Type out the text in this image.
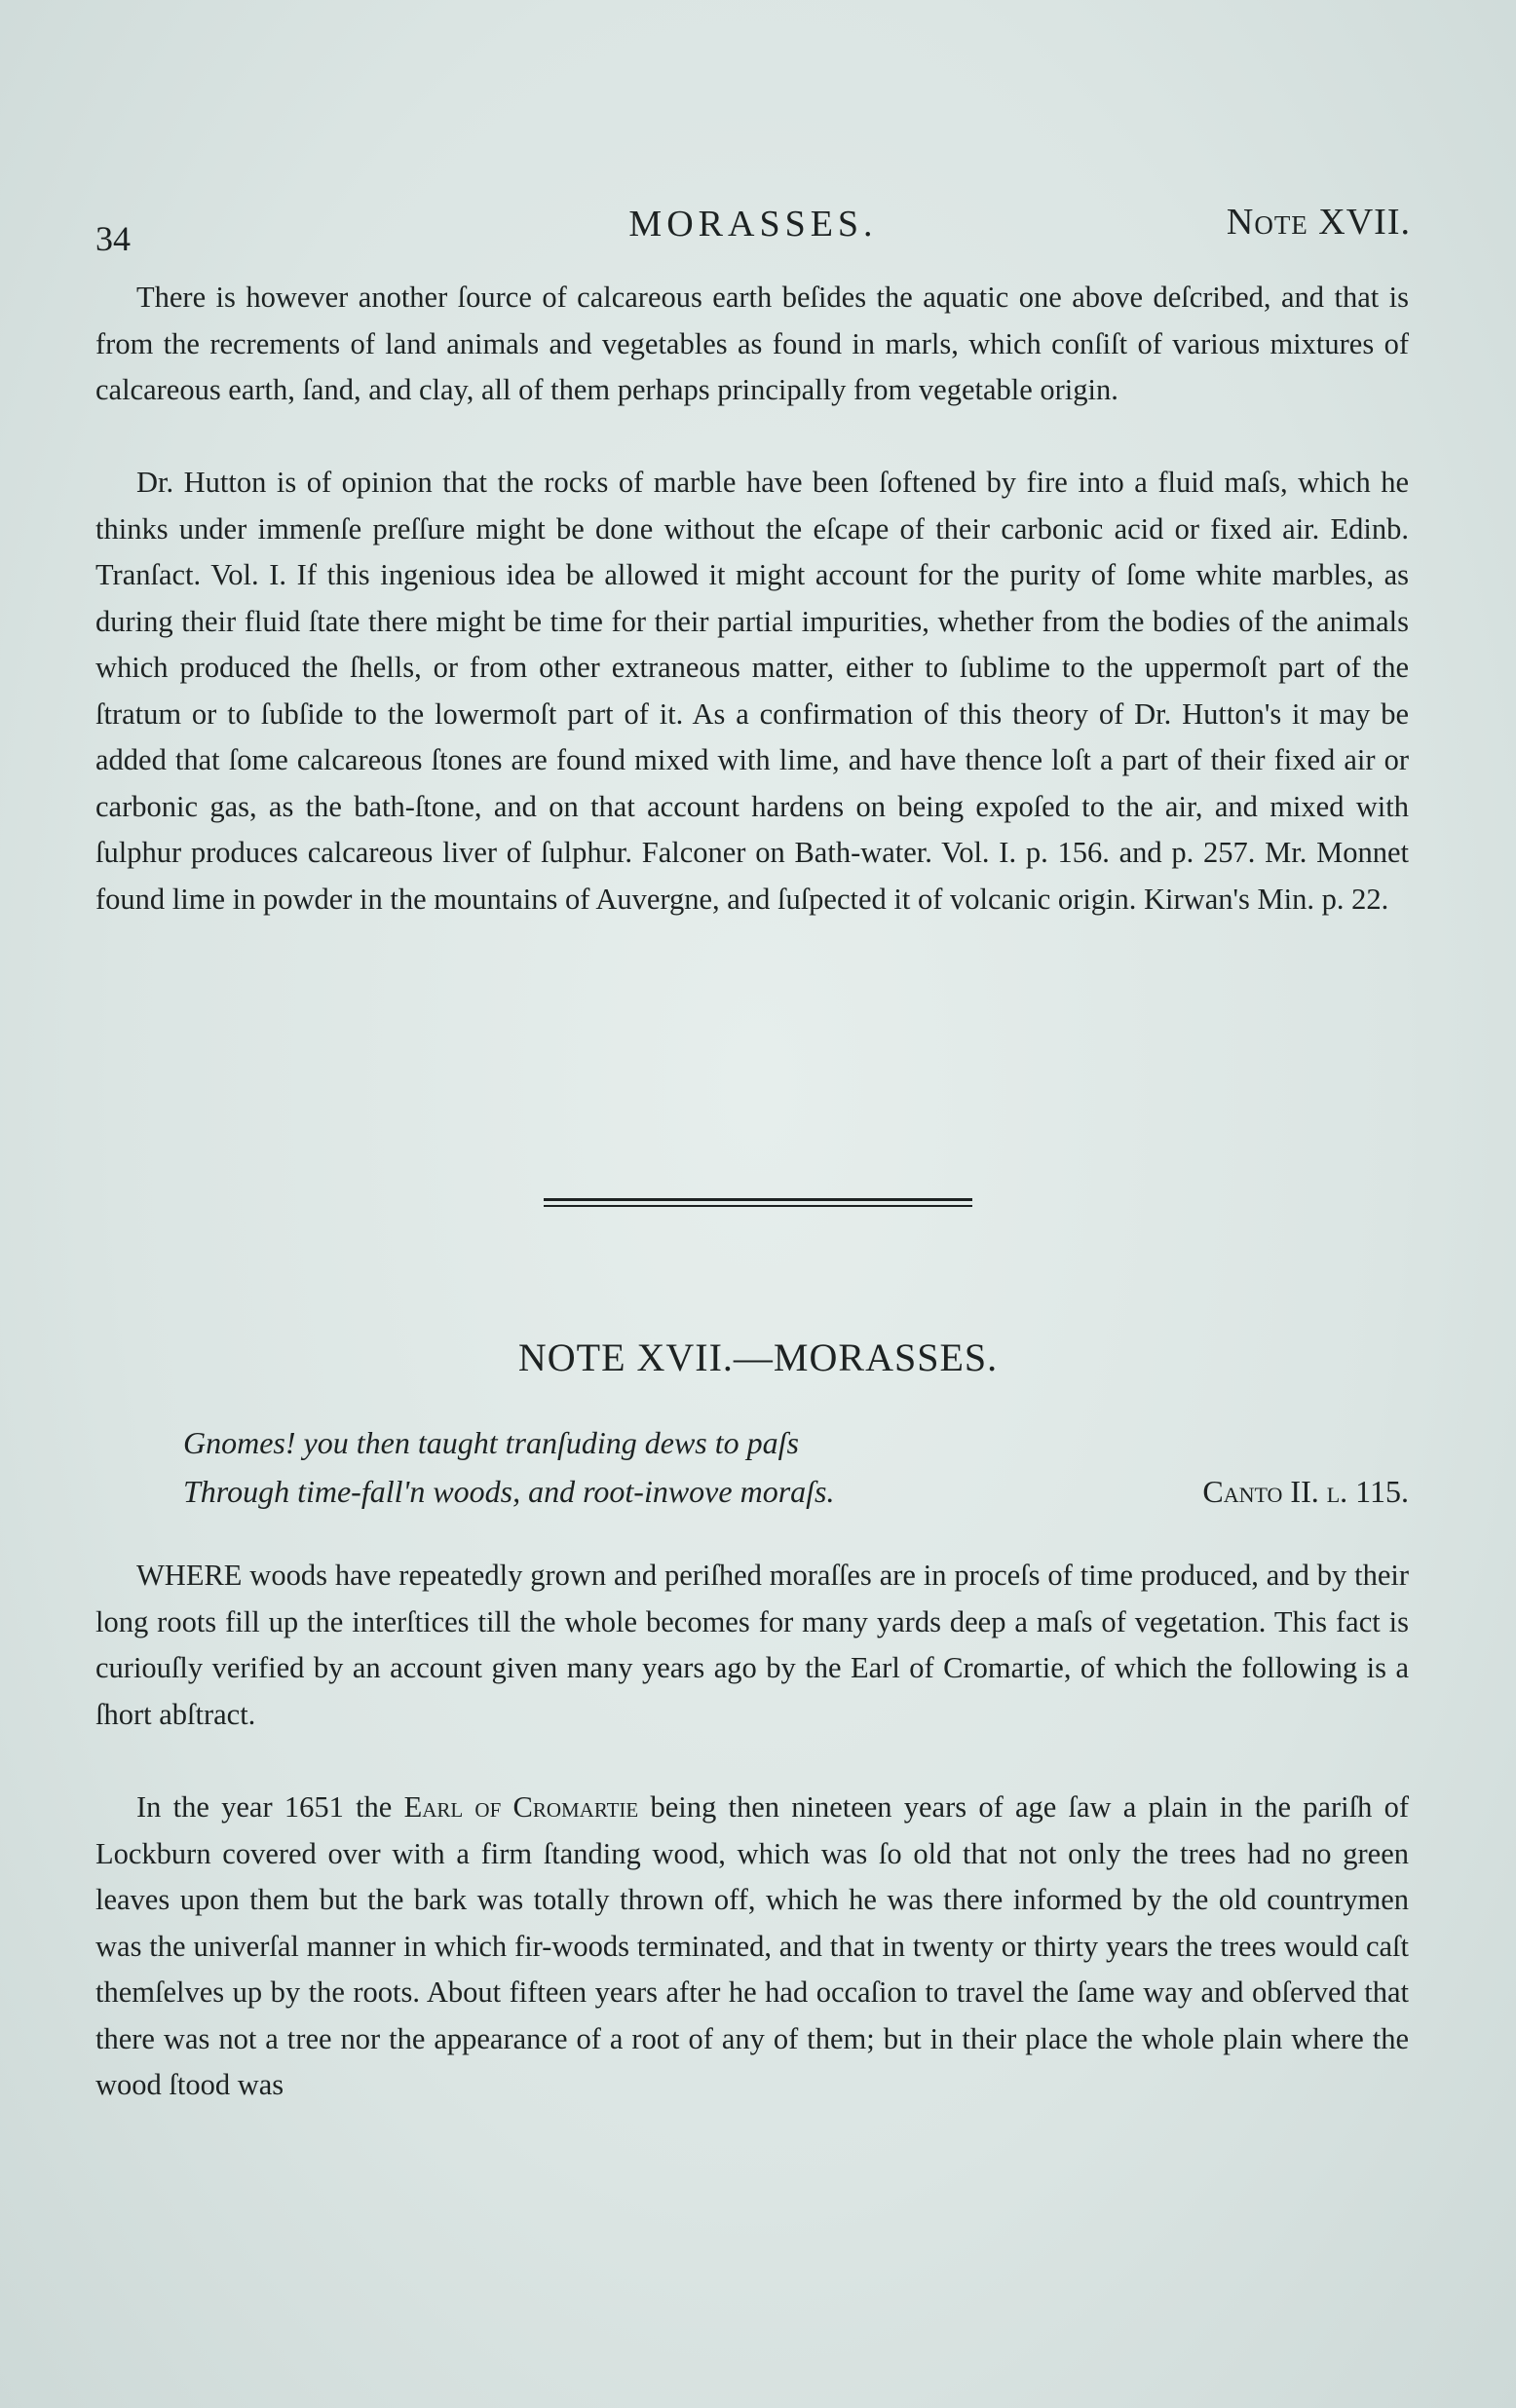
34	MORASSES.	Note XVII.

There is however another ſource of calcareous earth beſides the aquatic one above deſcribed, and that is from the recrements of land animals and vegetables as found in marls, which conſiſt of various mixtures of calcareous earth, ſand, and clay, all of them perhaps principally from vegetable origin.

Dr. Hutton is of opinion that the rocks of marble have been ſoftened by fire into a fluid maſs, which he thinks under immenſe preſſure might be done without the eſcape of their carbonic acid or fixed air. Edinb. Tranſact. Vol. I. If this ingenious idea be allowed it might account for the purity of ſome white marbles, as during their fluid ſtate there might be time for their partial impurities, whether from the bodies of the animals which produced the ſhells, or from other extraneous matter, either to ſublime to the uppermoſt part of the ſtratum or to ſubſide to the lowermoſt part of it. As a confirmation of this theory of Dr. Hutton's it may be added that ſome calcareous ſtones are found mixed with lime, and have thence loſt a part of their fixed air or carbonic gas, as the bath-ſtone, and on that account hardens on being expoſed to the air, and mixed with ſulphur produces calcareous liver of ſulphur. Falconer on Bath-water. Vol. I. p. 156. and p. 257. Mr. Monnet found lime in powder in the mountains of Auvergne, and ſuſpected it of volcanic origin. Kirwan's Min. p. 22.

NOTE XVII.—MORASSES.
Gnomes! you then taught tranſuding dews to paſs
Through time-fall'n woods, and root-inwove moraſs.	Canto II. l. 115.

WHERE woods have repeatedly grown and periſhed moraſſes are in proceſs of time produced, and by their long roots fill up the interſtices till the whole becomes for many yards deep a maſs of vegetation. This fact is curiouſly verified by an account given many years ago by the Earl of Cromartie, of which the following is a ſhort abſtract.

In the year 1651 the Earl of Cromartie being then nineteen years of age ſaw a plain in the pariſh of Lockburn covered over with a firm ſtanding wood, which was ſo old that not only the trees had no green leaves upon them but the bark was totally thrown off, which he was there informed by the old countrymen was the univerſal manner in which fir-woods terminated, and that in twenty or thirty years the trees would caſt themſelves up by the roots. About fifteen years after he had occaſion to travel the ſame way and obſerved that there was not a tree nor the appearance of a root of any of them; but in their place the whole plain where the wood ſtood was
